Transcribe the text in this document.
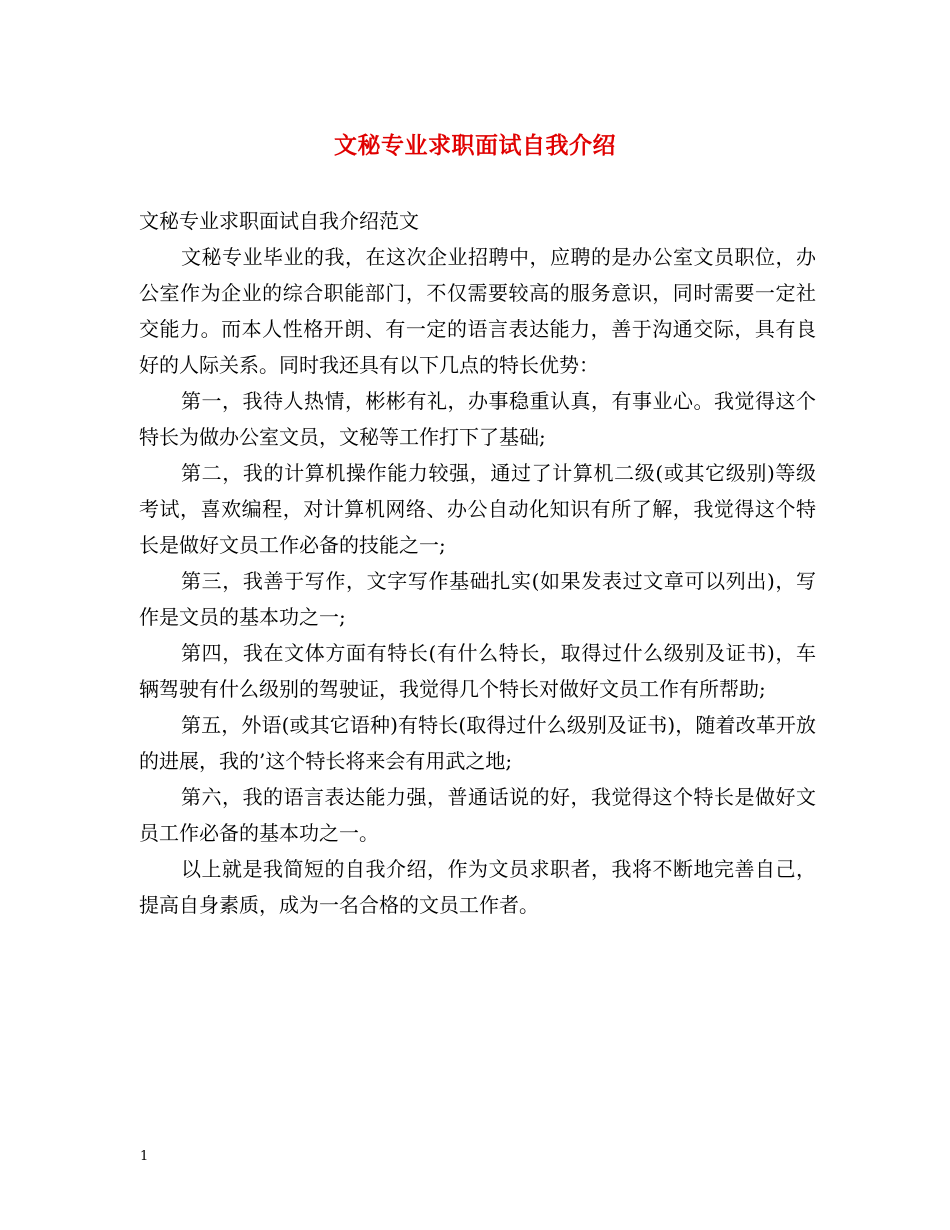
文秘专业求职面试自我介绍

文秘专业求职面试自我介绍范文

文秘专业毕业的我，在这次企业招聘中，应聘的是办公室文员职位，办公室作为企业的综合职能部门，不仅需要较高的服务意识，同时需要一定社交能力。而本人性格开朗、有一定的语言表达能力，善于沟通交际，具有良好的人际关系。同时我还具有以下几点的特长优势：

第一，我待人热情，彬彬有礼，办事稳重认真，有事业心。我觉得这个特长为做办公室文员，文秘等工作打下了基础;

第二，我的计算机操作能力较强，通过了计算机二级(或其它级别)等级考试，喜欢编程，对计算机网络、办公自动化知识有所了解，我觉得这个特长是做好文员工作必备的技能之一;

第三，我善于写作，文字写作基础扎实(如果发表过文章可以列出)，写作是文员的基本功之一;

第四，我在文体方面有特长(有什么特长，取得过什么级别及证书)，车辆驾驶有什么级别的驾驶证，我觉得几个特长对做好文员工作有所帮助;

第五，外语(或其它语种)有特长(取得过什么级别及证书)，随着改革开放的进展，我的’这个特长将来会有用武之地;

第六，我的语言表达能力强，普通话说的好，我觉得这个特长是做好文员工作必备的基本功之一。

以上就是我简短的自我介绍，作为文员求职者，我将不断地完善自己，提高自身素质，成为一名合格的文员工作者。

1
